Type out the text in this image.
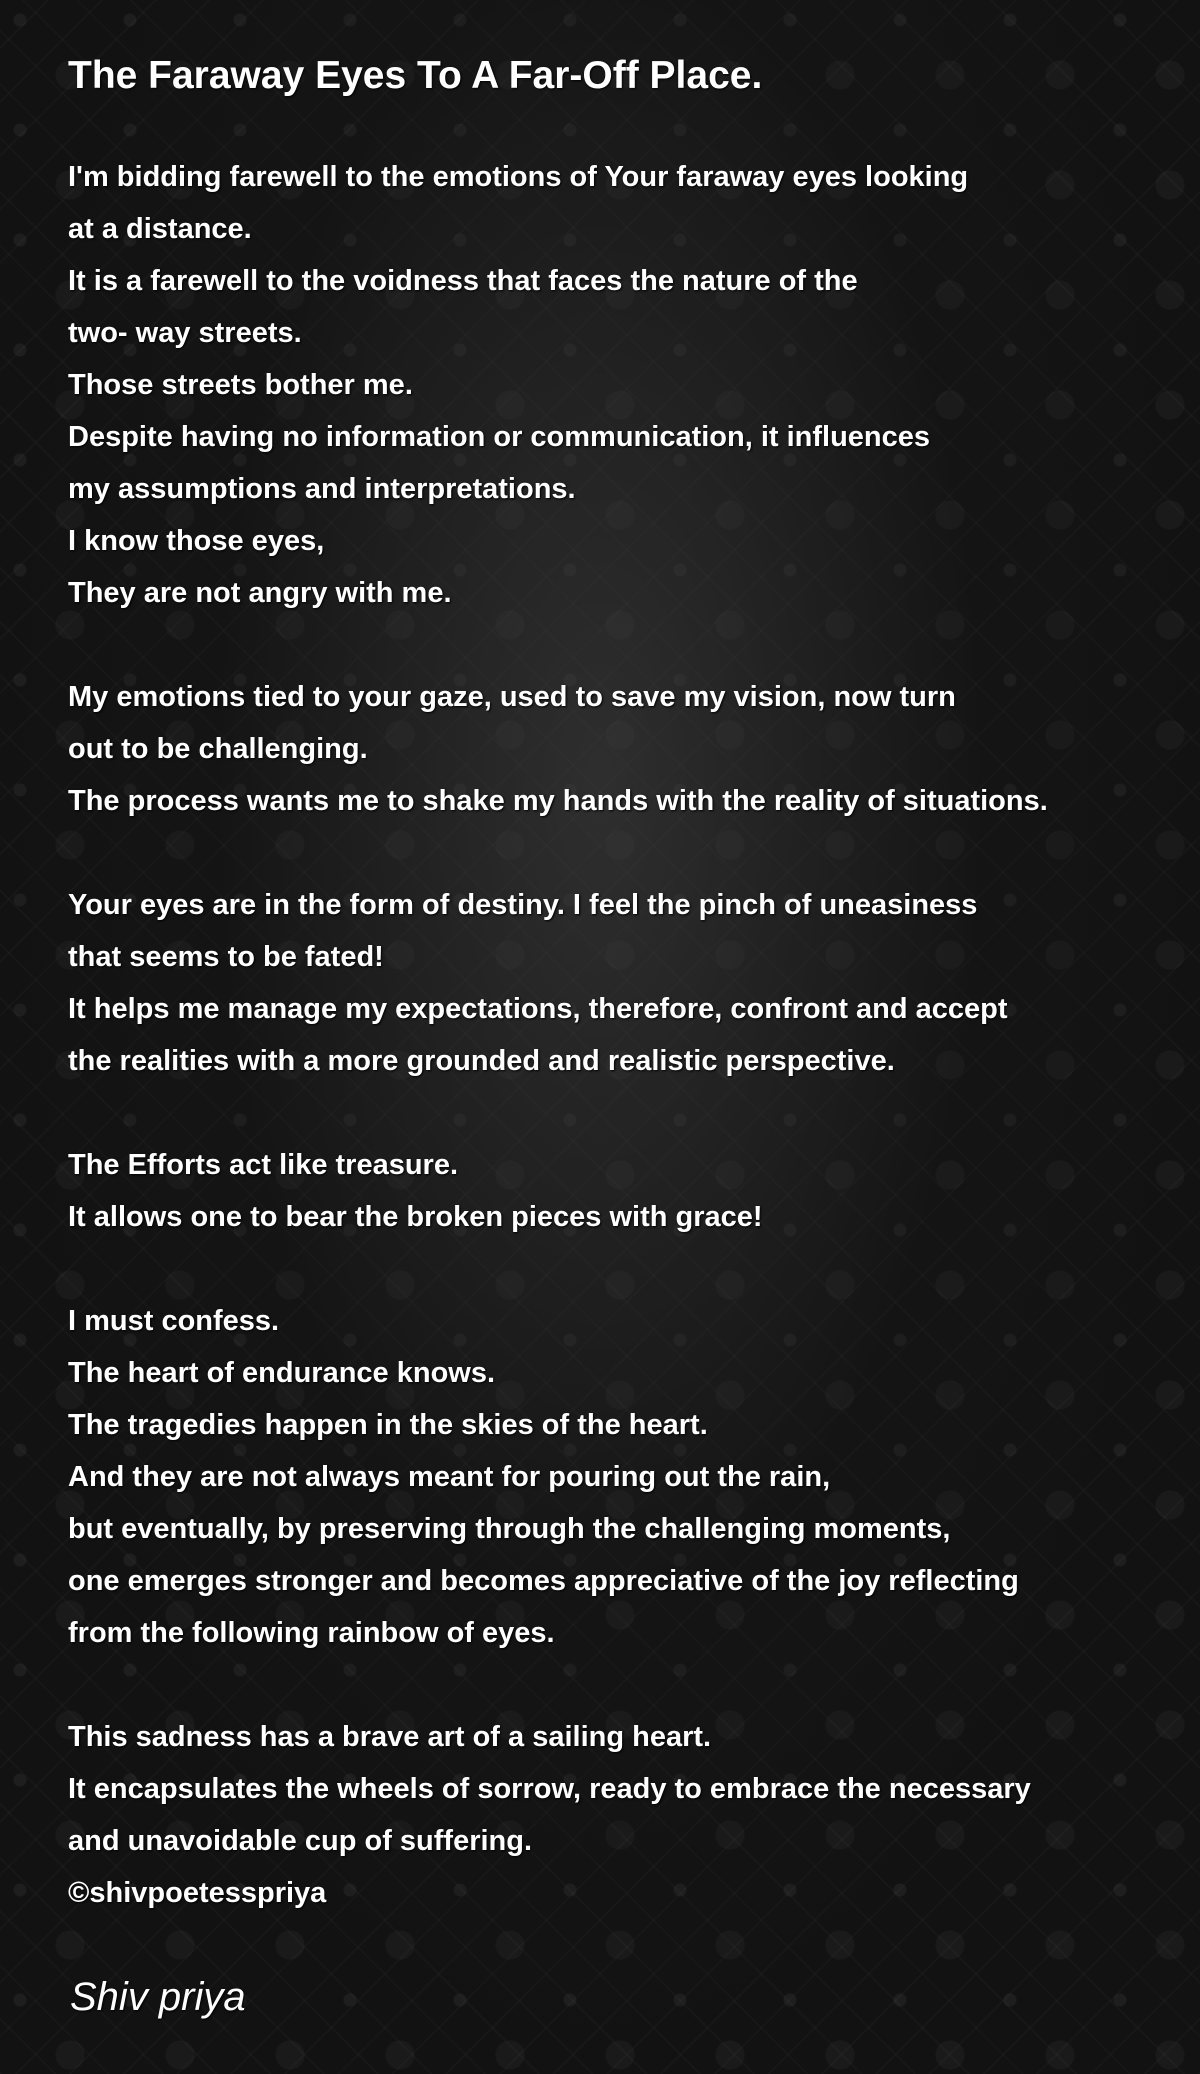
The Faraway Eyes To A Far-Off Place.
I'm bidding farewell to the emotions of Your faraway eyes looking
at a distance.
It is a farewell to the voidness that faces the nature of the
two- way streets.
Those streets bother me.
Despite having no information or communication, it influences
my assumptions and interpretations.
I know those eyes,
They are not angry with me.
My emotions tied to your gaze, used to save my vision, now turn
out to be challenging.
The process wants me to shake my hands with the reality of situations.
Your eyes are in the form of destiny. I feel the pinch of uneasiness
that seems to be fated!
It helps me manage my expectations, therefore, confront and accept
the realities with a more grounded and realistic perspective.
The Efforts act like treasure.
It allows one to bear the broken pieces with grace!
I must confess.
The heart of endurance knows.
The tragedies happen in the skies of the heart.
And they are not always meant for pouring out the rain,
but eventually, by preserving through the challenging moments,
one emerges stronger and becomes appreciative of the joy reflecting
from the following rainbow of eyes.
This sadness has a brave art of a sailing heart.
It encapsulates the wheels of sorrow, ready to embrace the necessary
and unavoidable cup of suffering.
©shivpoetesspriya
Shiv priya
